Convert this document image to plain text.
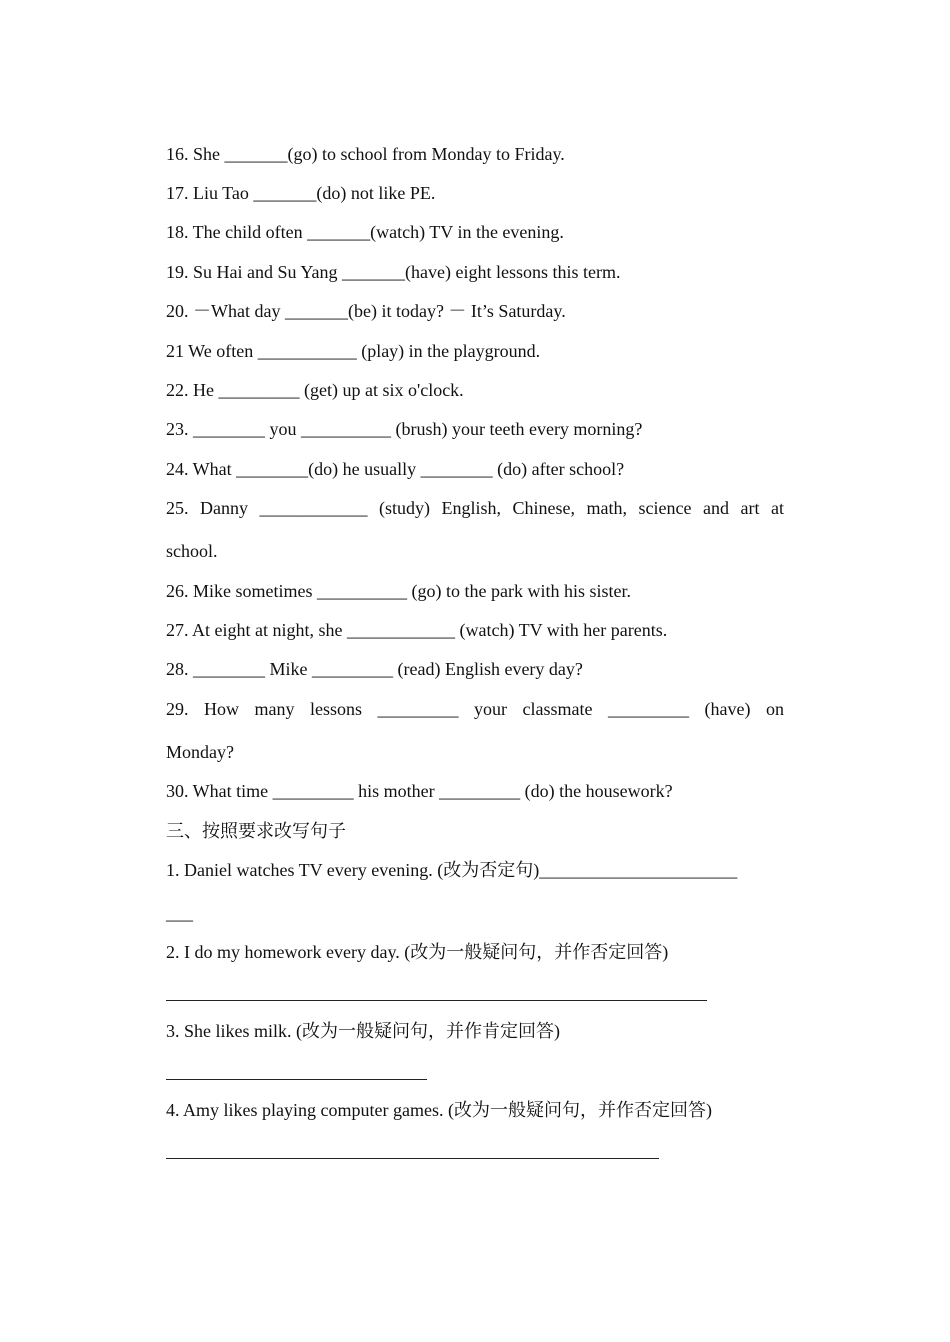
16. She _______(go) to school from Monday to Friday.
17. Liu Tao _______(do) not like PE.
18. The child often _______(watch) TV in the evening.
19. Su Hai and Su Yang _______(have) eight lessons this term.
20. －What day _______(be) it today? － It’s Saturday.
21 We often ___________ (play) in the playground.
22. He _________ (get) up at six o'clock.
23. ________ you __________ (brush) your teeth every morning?
24. What ________(do) he usually ________ (do) after school?
25. Danny ____________ (study) English, Chinese, math, science and art at
school.
26. Mike sometimes __________ (go) to the park with his sister.
27. At eight at night, she ____________ (watch) TV with her parents.
28. ________ Mike _________ (read) English every day?
29. How many lessons _________ your classmate _________ (have) on
Monday?
30. What time _________ his mother _________ (do) the housework?
三、按照要求改写句子
1. Daniel watches TV every evening. (改为否定句)______________________
___
2. I do my homework every day. (改为一般疑问句，并作否定回答)
3. She likes milk. (改为一般疑问句，并作肯定回答)
4. Amy likes playing computer games. (改为一般疑问句，并作否定回答)
